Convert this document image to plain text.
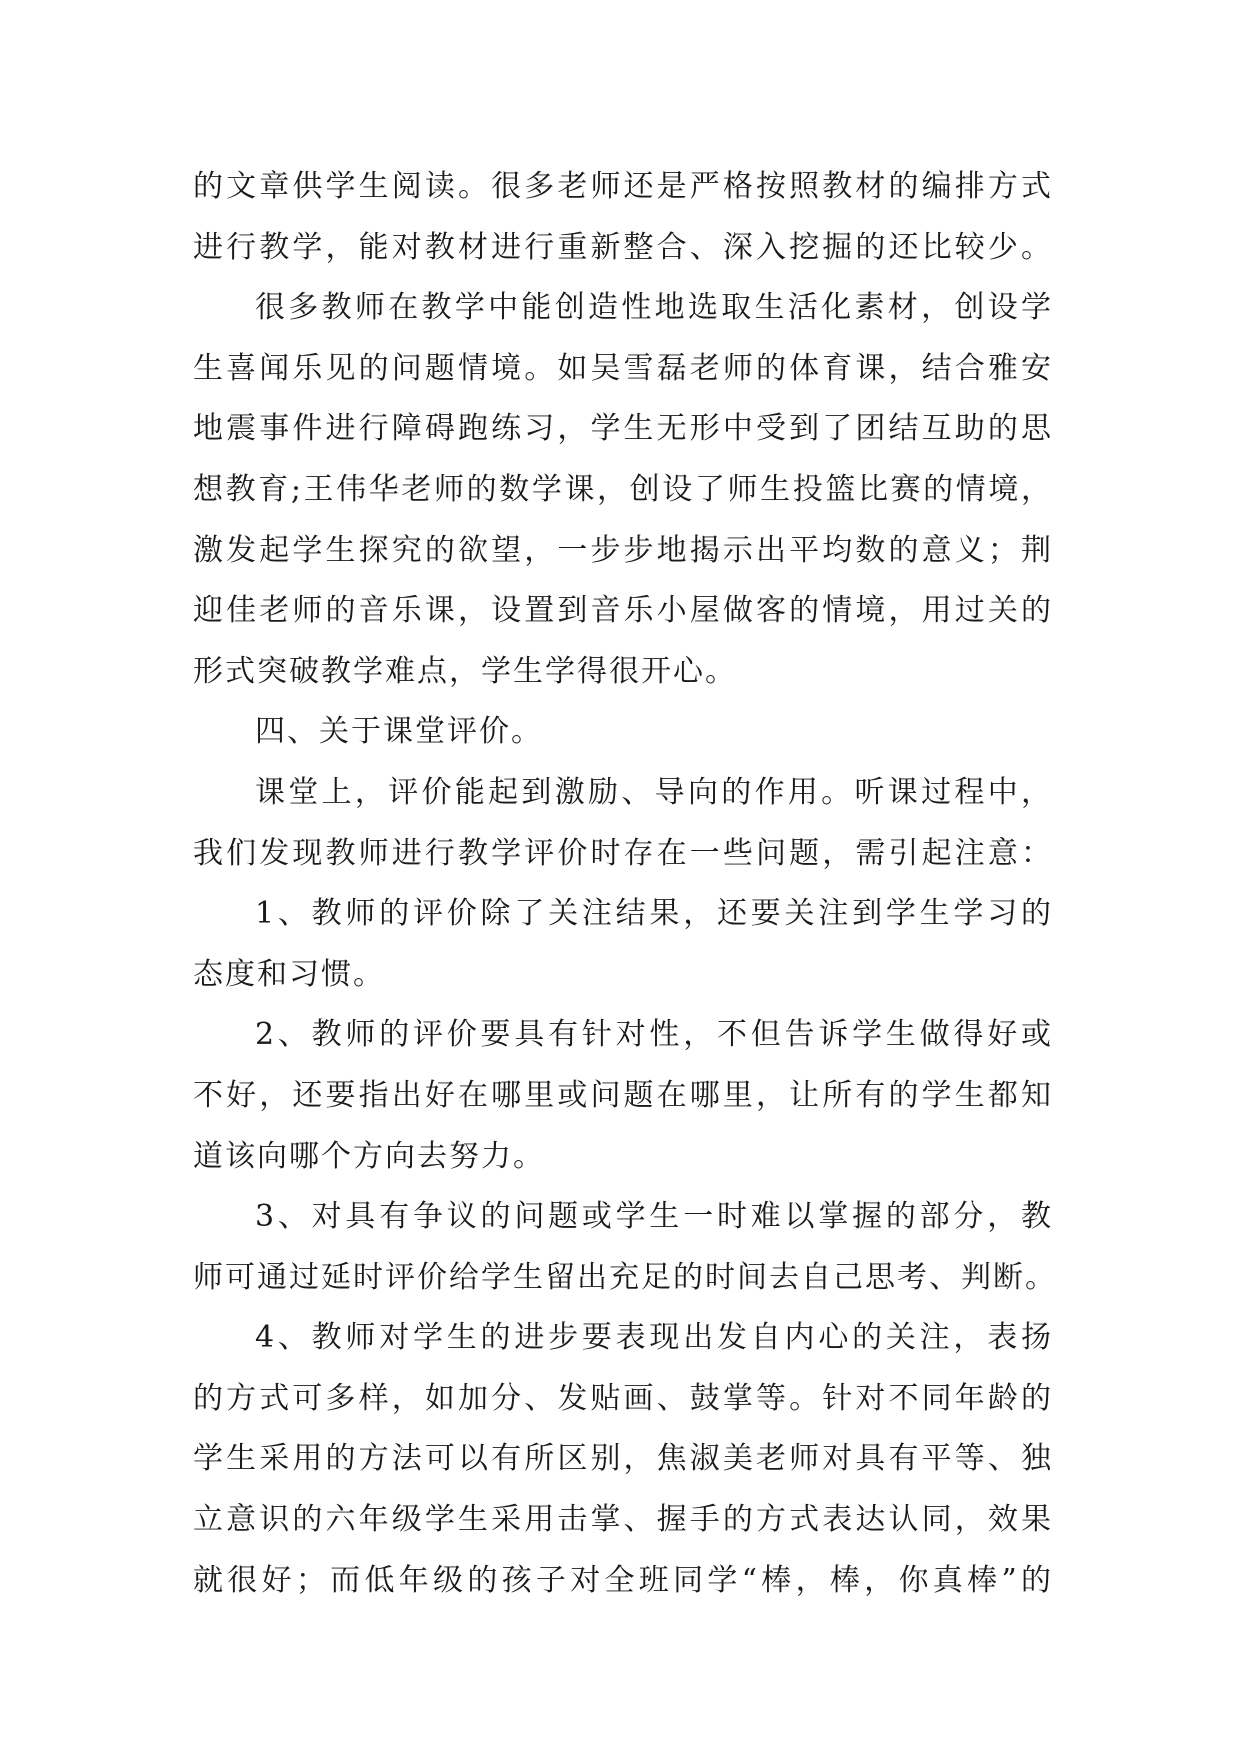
的文章供学生阅读。很多老师还是严格按照教材的编排方式
进行教学，能对教材进行重新整合、深入挖掘的还比较少。
很多教师在教学中能创造性地选取生活化素材，创设学
生喜闻乐见的问题情境。如吴雪磊老师的体育课，结合雅安
地震事件进行障碍跑练习，学生无形中受到了团结互助的思
想教育;王伟华老师的数学课，创设了师生投篮比赛的情境，
激发起学生探究的欲望，一步步地揭示出平均数的意义；荆
迎佳老师的音乐课，设置到音乐小屋做客的情境，用过关的
形式突破教学难点，学生学得很开心。
四、关于课堂评价。
课堂上，评价能起到激励、导向的作用。听课过程中，
我们发现教师进行教学评价时存在一些问题，需引起注意：
1、教师的评价除了关注结果，还要关注到学生学习的
态度和习惯。
2、教师的评价要具有针对性，不但告诉学生做得好或
不好，还要指出好在哪里或问题在哪里，让所有的学生都知
道该向哪个方向去努力。
3、对具有争议的问题或学生一时难以掌握的部分，教
师可通过延时评价给学生留出充足的时间去自己思考、判断。
4、教师对学生的进步要表现出发自内心的关注，表扬
的方式可多样，如加分、发贴画、鼓掌等。针对不同年龄的
学生采用的方法可以有所区别，焦淑美老师对具有平等、独
立意识的六年级学生采用击掌、握手的方式表达认同，效果
就很好；而低年级的孩子对全班同学“棒，棒，你真棒”的
